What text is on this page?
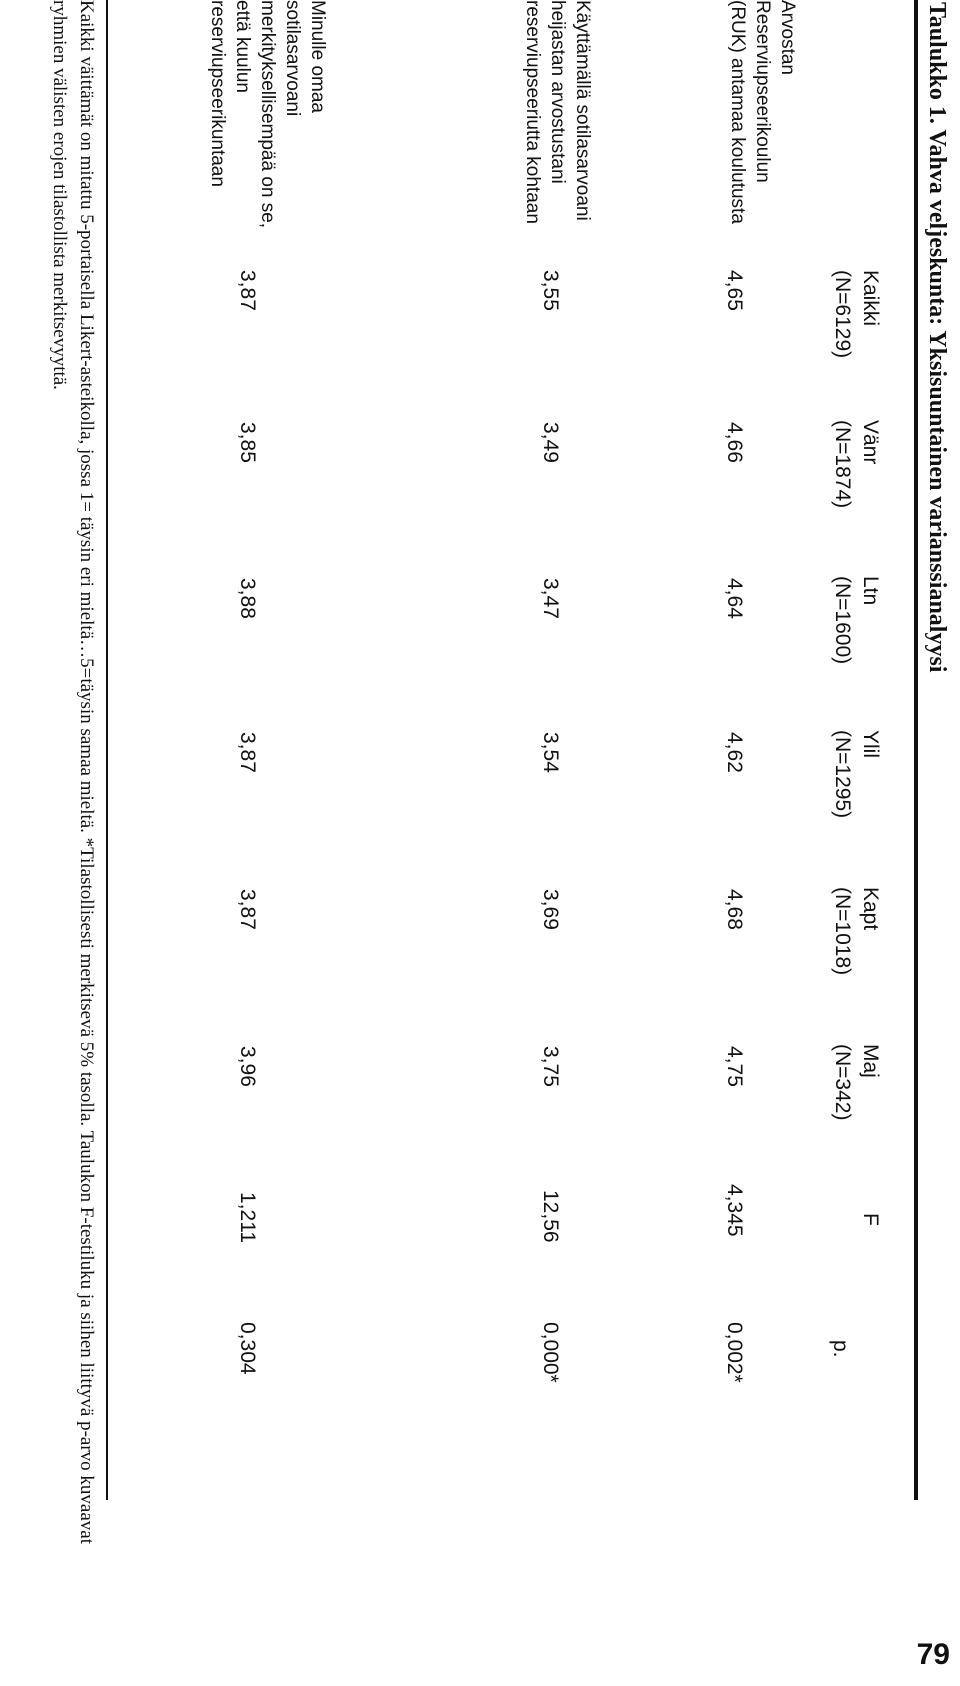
79
Taulukko 1. Vahva veljeskunta: Yksisuuntainen varianssianalyysi
Kaikki
(N=6129)
Vänr
(N=1874)
Ltn
(N=1600)
Ylil
(N=1295)
Kapt
(N=1018)
Maj
(N=342)
F
p.
Arvostan Reserviupseerikoulun (RUK) antamaa koulutusta
4,65
4,66
4,64
4,62
4,68
4,75
4,345
0,002*
Käyttämällä sotilasarvoani heijastan arvostustani reserviupseeriutta kohtaan
3,55
3,49
3,47
3,54
3,69
3,75
12,56
0,000*
Minulle omaa sotilasarvoani merkityksellisempää on se, että kuulun reserviupseerikuntaan
3,87
3,85
3,88
3,87
3,87
3,96
1,211
0,304
Kaikki väittämät on mitattu 5-portaisella Likert-asteikolla, jossa 1= täysin eri mieltä…5=täysin samaa mieltä. *Tilastollisesti merkitsevä 5% tasolla. Taulukon F-testiluku ja siihen liittyvä p-arvo kuvaavat ryhmien välisten erojen tilastollista merkitsevyyttä.
